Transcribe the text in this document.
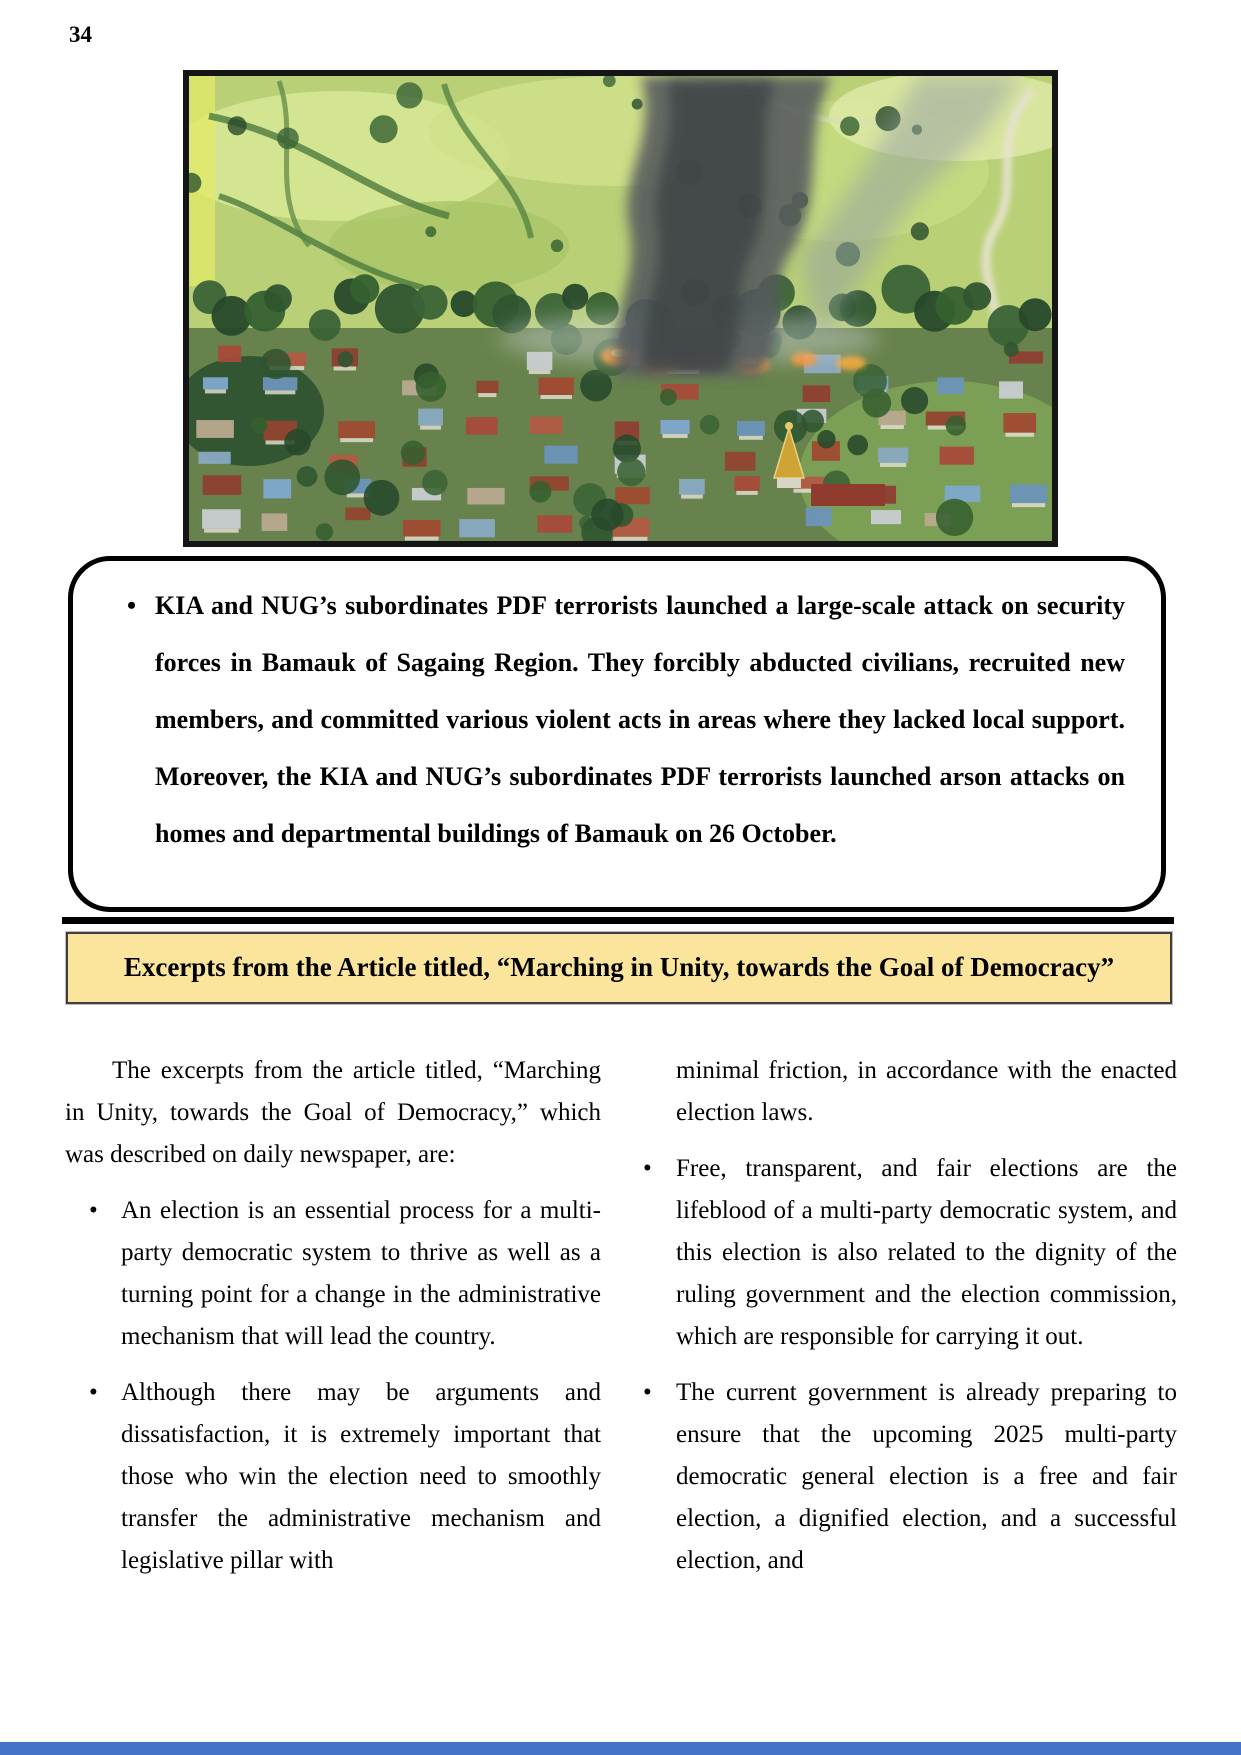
34
• KIA and NUG’s subordinates PDF terrorists launched a large-scale attack on security forces in Bamauk of Sagaing Region. They forcibly abducted civilians, recruited new members, and committed various violent acts in areas where they lacked local support. Moreover, the KIA and NUG’s subordinates PDF terrorists launched arson attacks on homes and departmental buildings of Bamauk on 26 October.
Excerpts from the Article titled, “Marching in Unity, towards the Goal of Democracy”

The excerpts from the article titled, “Marching in Unity, towards the Goal of Democracy,” which was described on daily newspaper, are:

• An election is an essential process for a multi-party democratic system to thrive as well as a turning point for a change in the administrative mechanism that will lead the country.
• Although there may be arguments and dissatisfaction, it is extremely important that those who win the election need to smoothly transfer the administrative mechanism and legislative pillar with

minimal friction, in accordance with the enacted election laws.

• Free, transparent, and fair elections are the lifeblood of a multi-party democratic system, and this election is also related to the dignity of the ruling government and the election commission, which are responsible for carrying it out.
• The current government is already preparing to ensure that the upcoming 2025 multi-party democratic general election is a free and fair election, a dignified election, and a successful election, and
